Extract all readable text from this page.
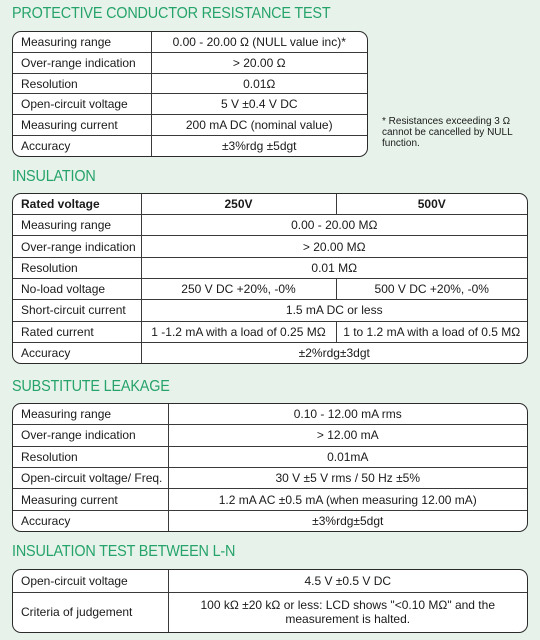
PROTECTIVE CONDUCTOR RESISTANCE TEST
Measuring range	0.00 - 20.00 Ω (NULL value inc)*
Over-range indication	> 20.00 Ω
Resolution	0.01Ω
Open-circuit voltage	5 V ±0.4 V DC
Measuring current	200 mA DC (nominal value)
Accuracy	±3%rdg ±5dgt
* Resistances exceeding 3 Ω cannot be cancelled by NULL function.
INSULATION
Rated voltage	250V	500V
Measuring range	0.00 - 20.00 MΩ	
Over-range indication	> 20.00 MΩ	
Resolution	0.01 MΩ	
No-load voltage	250 V DC +20%, -0%	500 V DC +20%, -0%
Short-circuit current	1.5 mA DC or less	
Rated current	1 -1.2 mA with a load of 0.25 MΩ	1 to 1.2 mA with a load of 0.5 MΩ
Accuracy	±2%rdg±3dgt	
SUBSTITUTE LEAKAGE
Measuring range	0.10 - 12.00 mA rms
Over-range indication	> 12.00 mA
Resolution	0.01mA
Open-circuit voltage/ Freq.	30 V ±5 V rms / 50 Hz ±5%
Measuring current	1.2 mA AC ±0.5 mA (when measuring 12.00 mA)
Accuracy	±3%rdg±5dgt
INSULATION TEST BETWEEN L-N
Open-circuit voltage	4.5 V ±0.5 V DC
Criteria of judgement	100 kΩ ±20 kΩ or less: LCD shows "<0.10 MΩ" and the measurement is halted.
